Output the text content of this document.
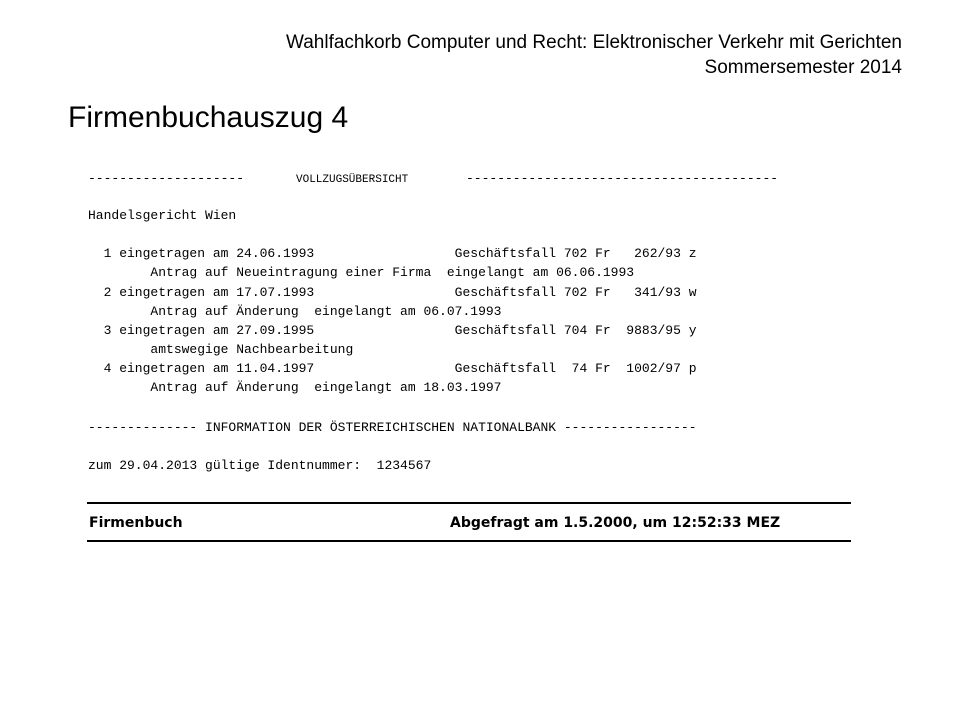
Wahlfachkorb Computer und Recht: Elektronischer Verkehr mit Gerichten
Sommersemester 2014
Firmenbuchauszug 4
--------------------	VOLLZUGSÜBERSICHT	----------------------------------------
Handelsgericht Wien
1 eingetragen am 24.06.1993                  Geschäftsfall 702 Fr   262/93 z
Antrag auf Neueintragung einer Firma  eingelangt am 06.06.1993
2 eingetragen am 17.07.1993                  Geschäftsfall 702 Fr   341/93 w
Antrag auf Änderung  eingelangt am 06.07.1993
3 eingetragen am 27.09.1995                  Geschäftsfall 704 Fr  9883/95 y
amtswegige Nachbearbeitung
4 eingetragen am 11.04.1997                  Geschäftsfall  74 Fr  1002/97 p
Antrag auf Änderung  eingelangt am 18.03.1997
-------------- INFORMATION DER ÖSTERREICHISCHEN NATIONALBANK -----------------
zum 29.04.2013 gültige Identnummer:  1234567
Firmenbuch	Abgefragt am 1.5.2000, um 12:52:33 MEZ
